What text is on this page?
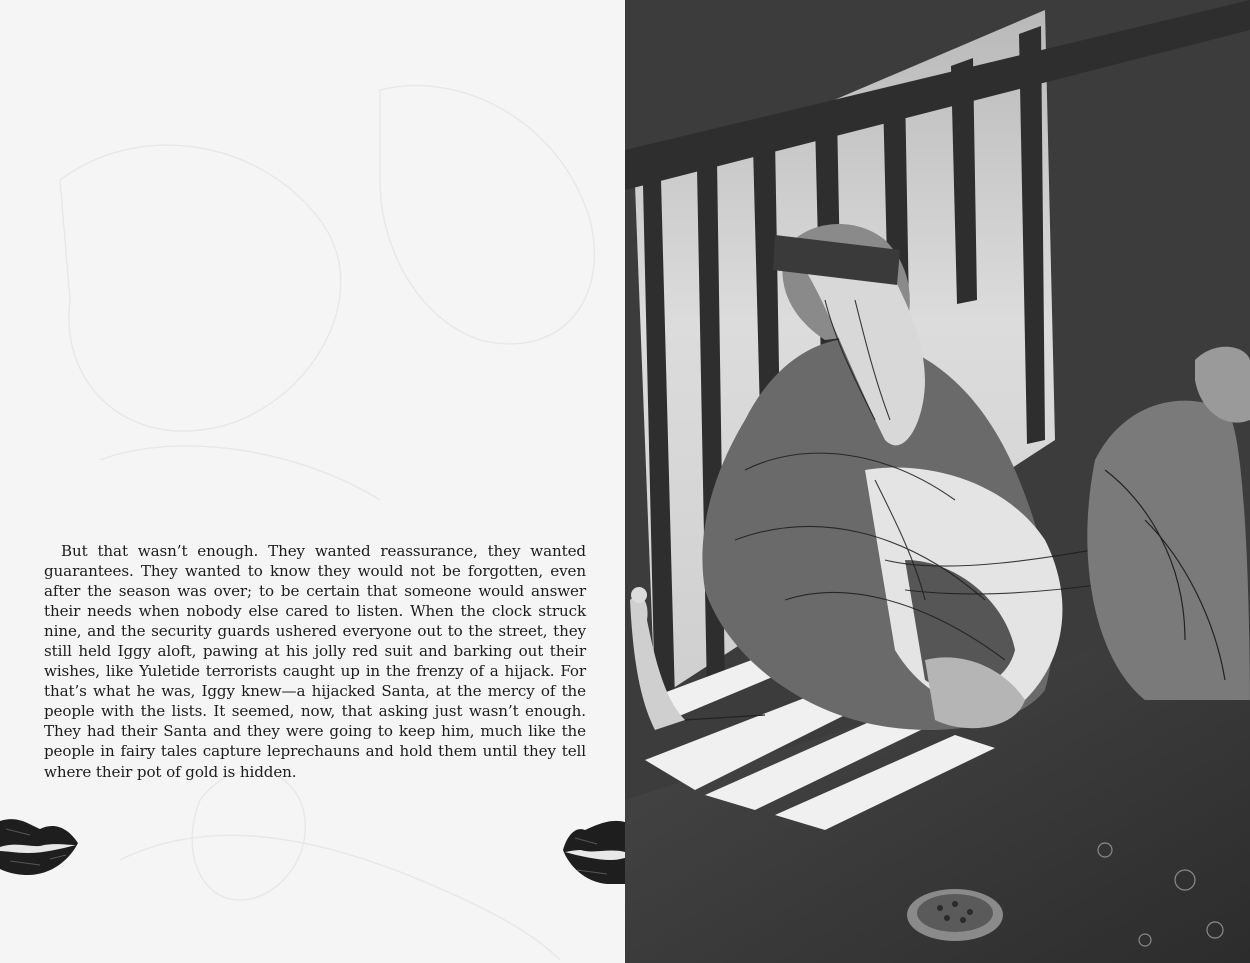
But that wasn’t enough. They wanted reassurance, they wanted guarantees. They wanted to know they would not be forgotten, even after the season was over; to be certain that someone would answer their needs when nobody else cared to listen. When the clock struck nine, and the security guards ushered everyone out to the street, they still held Iggy aloft, pawing at his jolly red suit and barking out their wishes, like Yuletide terrorists caught up in the frenzy of a hijack. For that’s what he was, Iggy knew—a hijacked Santa, at the mercy of the people with the lists. It seemed, now, that asking just wasn’t enough. They had their Santa and they were going to keep him, much like the people in fairy tales capture leprechauns and hold them until they tell where their pot of gold is hidden.
